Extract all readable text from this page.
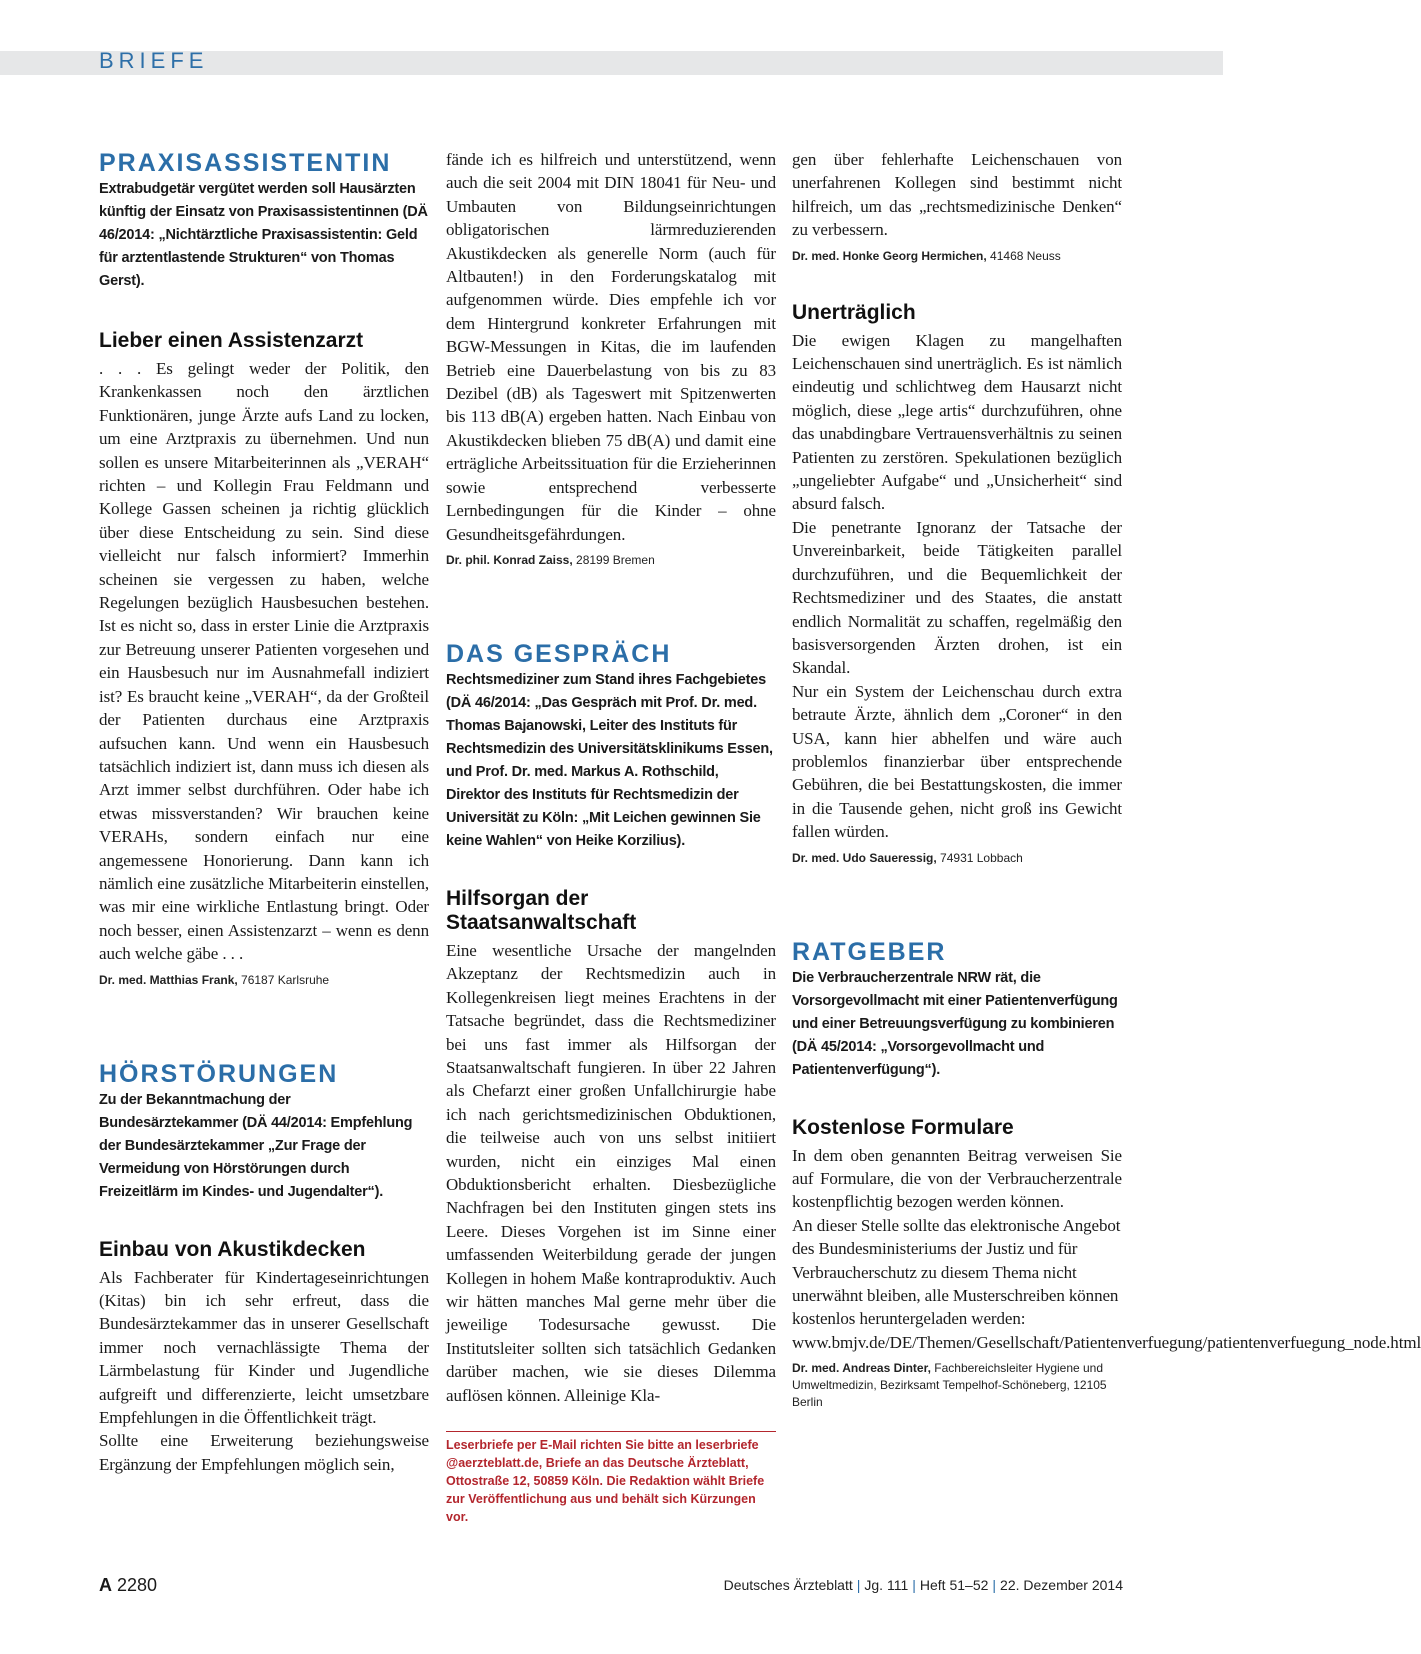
BRIEFE
PRAXISASSISTENTIN

Extrabudgetär vergütet werden soll Hausärzten künftig der Einsatz von Praxisassistentinnen (DÄ 46/2014: „Nichtärztliche Praxisassistentin: Geld für arztentlastende Strukturen“ von Thomas Gerst).

Lieber einen Assistenzarzt

. . . Es gelingt weder der Politik, den Krankenkassen noch den ärztlichen Funktionären, junge Ärzte aufs Land zu locken, um eine Arztpraxis zu übernehmen. Und nun sollen es unsere Mitarbeiterinnen als „VERAH“ richten – und Kollegin Frau Feldmann und Kollege Gassen scheinen ja richtig glücklich über diese Entscheidung zu sein. Sind diese vielleicht nur falsch informiert? Immerhin scheinen sie vergessen zu haben, welche Regelungen bezüglich Hausbesuchen bestehen. Ist es nicht so, dass in erster Linie die Arztpraxis zur Betreuung unserer Patienten vorgesehen und ein Hausbesuch nur im Ausnahmefall indiziert ist? Es braucht keine „VERAH“, da der Großteil der Patienten durchaus eine Arztpraxis aufsuchen kann. Und wenn ein Hausbesuch tatsächlich indiziert ist, dann muss ich diesen als Arzt immer selbst durchführen. Oder habe ich etwas missverstanden? Wir brauchen keine VERAHs, sondern einfach nur eine angemessene Honorierung. Dann kann ich nämlich eine zusätzliche Mitarbeiterin einstellen, was mir eine wirkliche Entlastung bringt. Oder noch besser, einen Assistenzarzt – wenn es denn auch welche gäbe . . .

Dr. med. Matthias Frank, 76187 Karlsruhe

HÖRSTÖRUNGEN

Zu der Bekanntmachung der Bundesärztekammer (DÄ 44/2014: Empfehlung der Bundesärztekammer „Zur Frage der Vermeidung von Hörstörungen durch Freizeitlärm im Kindes- und Jugendalter“).

Einbau von Akustikdecken

Als Fachberater für Kindertageseinrichtungen (Kitas) bin ich sehr erfreut, dass die Bundesärztekammer das in unserer Gesellschaft immer noch vernachlässigte Thema der Lärmbelastung für Kinder und Jugendliche aufgreift und differenzierte, leicht umsetzbare Empfehlungen in die Öffentlichkeit trägt.

Sollte eine Erweiterung beziehungsweise Ergänzung der Empfehlungen möglich sein,

fände ich es hilfreich und unterstützend, wenn auch die seit 2004 mit DIN 18041 für Neu- und Umbauten von Bildungseinrichtungen obligatorischen lärmreduzierenden Akustikdecken als generelle Norm (auch für Altbauten!) in den Forderungskatalog mit aufgenommen würde. Dies empfehle ich vor dem Hintergrund konkreter Erfahrungen mit BGW-Messungen in Kitas, die im laufenden Betrieb eine Dauerbelastung von bis zu 83 Dezibel (dB) als Tageswert mit Spitzenwerten bis 113 dB(A) ergeben hatten. Nach Einbau von Akustikdecken blieben 75 dB(A) und damit eine erträgliche Arbeitssituation für die Erzieherinnen sowie entsprechend verbesserte Lernbedingungen für die Kinder – ohne Gesundheitsgefährdungen.

Dr. phil. Konrad Zaiss, 28199 Bremen

DAS GESPRÄCH

Rechtsmediziner zum Stand ihres Fachgebietes (DÄ 46/2014: „Das Gespräch mit Prof. Dr. med. Thomas Bajanowski, Leiter des Instituts für Rechtsmedizin des Universitätsklinikums Essen, und Prof. Dr. med. Markus A. Rothschild, Direktor des Instituts für Rechtsmedizin der Universität zu Köln: „Mit Leichen gewinnen Sie keine Wahlen“ von Heike Korzilius).

Hilfsorgan der Staatsanwaltschaft

Eine wesentliche Ursache der mangelnden Akzeptanz der Rechtsmedizin auch in Kollegenkreisen liegt meines Erachtens in der Tatsache begründet, dass die Rechtsmediziner bei uns fast immer als Hilfsorgan der Staatsanwaltschaft fungieren. In über 22 Jahren als Chefarzt einer großen Unfallchirurgie habe ich nach gerichtsmedizinischen Obduktionen, die teilweise auch von uns selbst initiiert wurden, nicht ein einziges Mal einen Obduktionsbericht erhalten. Diesbezügliche Nachfragen bei den Instituten gingen stets ins Leere. Dieses Vorgehen ist im Sinne einer umfassenden Weiterbildung gerade der jungen Kollegen in hohem Maße kontraproduktiv. Auch wir hätten manches Mal gerne mehr über die jeweilige Todesursache gewusst. Die Institutsleiter sollten sich tatsächlich Gedanken darüber machen, wie sie dieses Dilemma auflösen können. Alleinige Kla-

Leserbriefe per E-Mail richten Sie bitte an leserbriefe @aerzteblatt.de, Briefe an das Deutsche Ärzteblatt, Ottostraße 12, 50859 Köln. Die Redaktion wählt Briefe zur Veröffentlichung aus und behält sich Kürzungen vor.

gen über fehlerhafte Leichenschauen von unerfahrenen Kollegen sind bestimmt nicht hilfreich, um das „rechtsmedizinische Denken“ zu verbessern.

Dr. med. Honke Georg Hermichen, 41468 Neuss

Unerträglich

Die ewigen Klagen zu mangelhaften Leichenschauen sind unerträglich. Es ist nämlich eindeutig und schlichtweg dem Hausarzt nicht möglich, diese „lege artis“ durchzuführen, ohne das unabdingbare Vertrauensverhältnis zu seinen Patienten zu zerstören. Spekulationen bezüglich „ungeliebter Aufgabe“ und „Unsicherheit“ sind absurd falsch.

Die penetrante Ignoranz der Tatsache der Unvereinbarkeit, beide Tätigkeiten parallel durchzuführen, und die Bequemlichkeit der Rechtsmediziner und des Staates, die anstatt endlich Normalität zu schaffen, regelmäßig den basisversorgenden Ärzten drohen, ist ein Skandal.

Nur ein System der Leichenschau durch extra betraute Ärzte, ähnlich dem „Coroner“ in den USA, kann hier abhelfen und wäre auch problemlos finanzierbar über entsprechende Gebühren, die bei Bestattungskosten, die immer in die Tausende gehen, nicht groß ins Gewicht fallen würden.

Dr. med. Udo Saueressig, 74931 Lobbach

RATGEBER

Die Verbraucherzentrale NRW rät, die Vorsorgevollmacht mit einer Patientenverfügung und einer Betreuungsverfügung zu kombinieren (DÄ 45/2014: „Vorsorgevollmacht und Patientenverfügung“).

Kostenlose Formulare

In dem oben genannten Beitrag verweisen Sie auf Formulare, die von der Verbraucherzentrale kostenpflichtig bezogen werden können.

An dieser Stelle sollte das elektronische Angebot des Bundesministeriums der Justiz und für Verbraucherschutz zu diesem Thema nicht unerwähnt bleiben, alle Musterschreiben können kostenlos heruntergeladen werden: www.bmjv.de/DE/Themen/Gesellschaft/Patientenverfuegung/patientenverfuegung_node.html

Dr. med. Andreas Dinter, Fachbereichsleiter Hygiene und Umweltmedizin, Bezirksamt Tempelhof-Schöneberg, 12105 Berlin

A 2280	Deutsches Ärzteblatt | Jg. 111 | Heft 51–52 | 22. Dezember 2014
